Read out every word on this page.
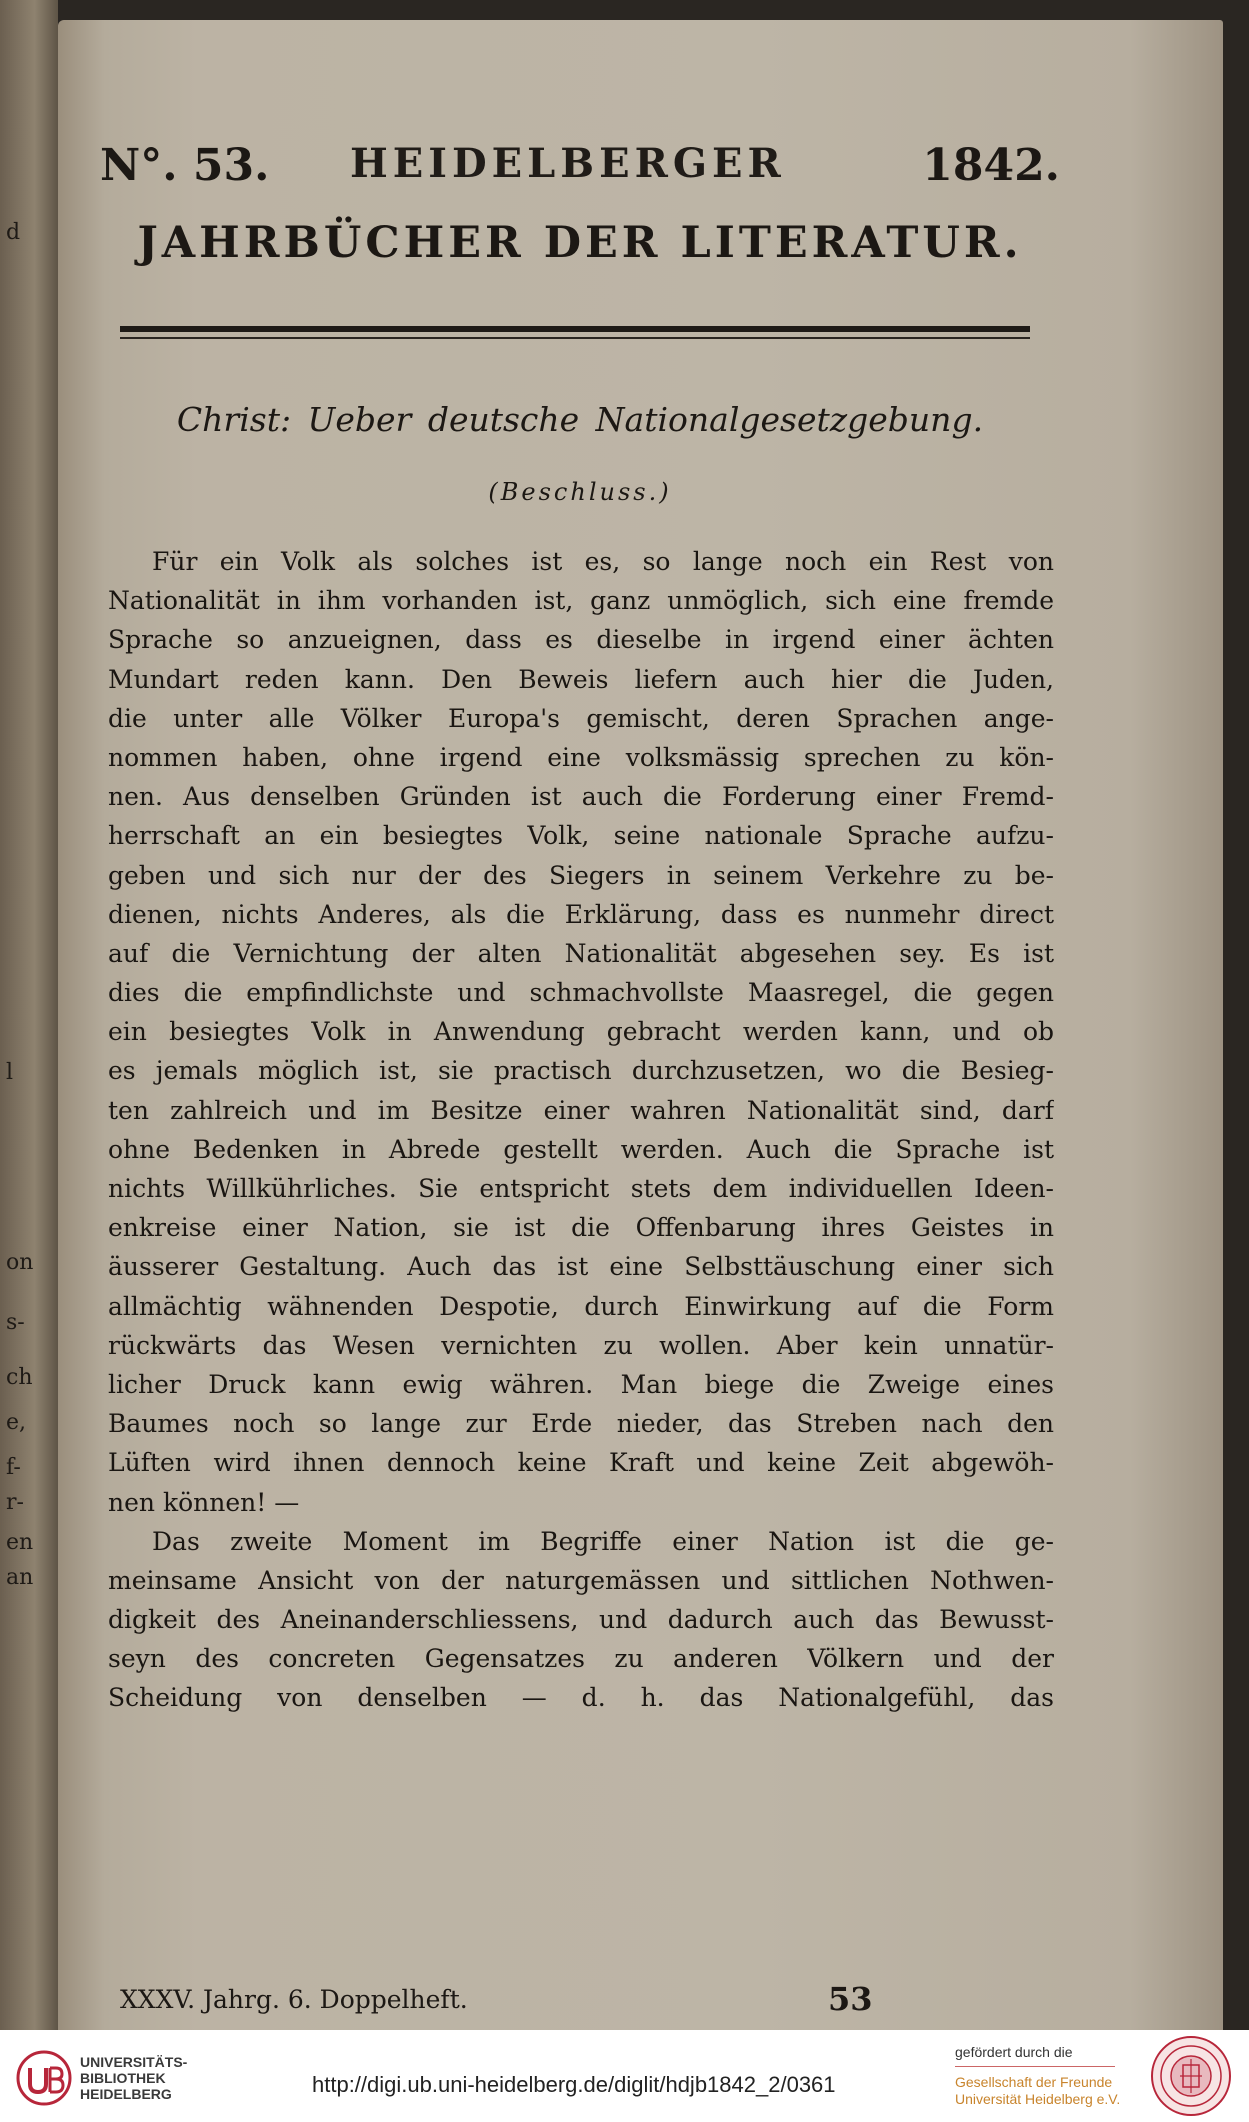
d
l
on
s-
ch
e,
f-
r-
en
an
N°. 53. HEIDELBERGER	1842.
JAHRBÜCHER DER LITERATUR.
Christ: Ueber deutsche Nationalgesetzgebung.
(Beschluss.)
Für ein Volk als solches ist es, so lange noch ein Rest von
Nationalität in ihm vorhanden ist, ganz unmöglich, sich eine fremde
Sprache so anzueignen, dass es dieselbe in irgend einer ächten
Mundart reden kann. Den Beweis liefern auch hier die Juden,
die unter alle Völker Europa's gemischt, deren Sprachen ange-
nommen haben, ohne irgend eine volksmässig sprechen zu kön-
nen. Aus denselben Gründen ist auch die Forderung einer Fremd-
herrschaft an ein besiegtes Volk, seine nationale Sprache aufzu-
geben und sich nur der des Siegers in seinem Verkehre zu be-
dienen, nichts Anderes, als die Erklärung, dass es nunmehr direct
auf die Vernichtung der alten Nationalität abgesehen sey. Es ist
dies die empfindlichste und schmachvollste Maasregel, die gegen
ein besiegtes Volk in Anwendung gebracht werden kann, und ob
es jemals möglich ist, sie practisch durchzusetzen, wo die Besieg-
ten zahlreich und im Besitze einer wahren Nationalität sind, darf
ohne Bedenken in Abrede gestellt werden. Auch die Sprache ist
nichts Willkührliches. Sie entspricht stets dem individuellen Ideen-
enkreise einer Nation, sie ist die Offenbarung ihres Geistes in
äusserer Gestaltung. Auch das ist eine Selbsttäuschung einer sich
allmächtig wähnenden Despotie, durch Einwirkung auf die Form
rückwärts das Wesen vernichten zu wollen. Aber kein unnatür-
licher Druck kann ewig währen. Man biege die Zweige eines
Baumes noch so lange zur Erde nieder, das Streben nach den
Lüften wird ihnen dennoch keine Kraft und keine Zeit abgewöh-
nen können! —
Das zweite Moment im Begriffe einer Nation ist die ge-
meinsame Ansicht von der naturgemässen und sittlichen Nothwen-
digkeit des Aneinanderschliessens, und dadurch auch das Bewusst-
seyn des concreten Gegensatzes zu anderen Völkern und der
Scheidung von denselben — d. h. das Nationalgefühl, das
XXXV. Jahrg. 6. Doppelheft.	53
UNIVERSITÄTS-
BIBLIOTHEK
HEIDELBERG	http://digi.ub.uni-heidelberg.de/diglit/hdjb1842_2/0361
gefördert durch die
Gesellschaft der Freunde
Universität Heidelberg e.V.
